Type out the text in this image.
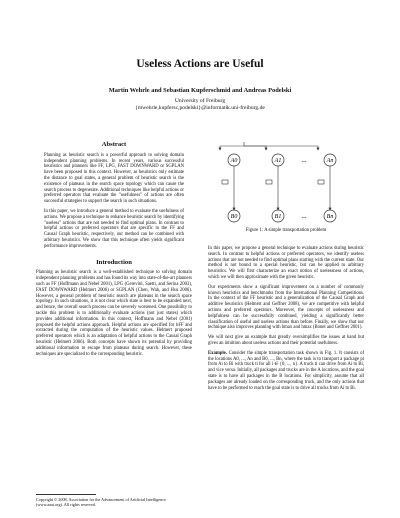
Useless Actions are Useful
Martin Wehrle and Sebastian Kupferschmid and Andreas Podelski
University of Freiburg
{mwehrle,kupfersc,podelski}@informatik.uni-freiburg.de
Abstract

Planning as heuristic search is a powerful approach to solving domain independent planning problems. In recent years, various successful heuristics and planners like FF, LPG, FAST DOWNWARD or SGPLAN have been proposed in this context. However, as heuristics only estimate the distance to goal states, a general problem of heuristic search is the existence of plateaus in the search space topology which can cause the search process to degenerate. Additional techniques like helpful actions or preferred operators that evaluate the "usefulness" of actions are often successful strategies to support the search in such situations.

In this paper, we introduce a general method to evaluate the usefulness of actions. We propose a technique to enhance heuristic search by identifying "useless" actions that are not needed to find optimal plans. In contrast to helpful actions or preferred operators that are specific to the FF and Causal Graph heuristic, respectively, our method can be combined with arbitrary heuristics. We show that this technique often yields significant performance improvements.

Introduction

Planning as heuristic search is a well-established technique to solving domain independent planning problems and has found its way into state-of-the-art planners such as FF (Hoffmann and Nebel 2001), LPG (Gerevini, Saetti, and Serina 2003), FAST DOWNWARD (Helmert 2006) or SGPLAN (Chen, Wah, and Hsu 2006). However, a general problem of heuristic search are plateaus in the search space topology. In such situations, it is not clear which state is best to be expanded next, and hence, the overall search process can be severely worsened. One possibility to tackle this problem is to additionally evaluate actions (not just states) which provides additional information. In this context, Hoffmann and Nebel (2001) proposed the helpful actions approach. Helpful actions are specified for hFF and extracted during the computation of the heuristic values. Helmert proposed preferred operators which is an adaptation of helpful actions to the Causal Graph heuristic (Helmert 2006). Both concepts have shown its potential by providing additional information to escape from plateaus during search. However, these techniques are specialized to the corresponding heuristic.

Copyright © 2008, Association for the Advancement of Artificial Intelligence (www.aaai.org). All rights reserved.
A0	A1	An
B0	B1	Bn
...
...
Figure 1: A simple transportation problem

In this paper, we propose a general technique to evaluate actions during heuristic search. In contrast to helpful actions or preferred operators, we identify useless actions that are not needed to find optimal plans starting with the current state. Our method is not bound to a special heuristic, but can be applied to arbitrary heuristics. We will first characterize an exact notion of uselessness of actions, which we will then approximate with the given heuristic.

Our experiments show a significant improvement on a number of commonly known heuristics and benchmarks from the International Planning Competitions. In the context of the FF heuristic and a generalization of the Causal Graph and additive heuristics (Helmert and Geffner 2008), we are competitive with helpful actions and preferred operators. Moreover, the concepts of uselessness and helpfulness can be successfully combined, yielding a significantly better classification of useful and useless actions than before. Finally, we show that our technique also improves planning with hmax and hmax (Bonet and Geffner 2001).

We will next give an example that greatly oversimplifies the issues at hand but gives an intuition about useless actions and their potential usefulness.

Example. Consider the simple transportation task shown in Fig. 1. It consists of the locations A0, ..., An and B0, ..., Bn, where the task is to transport a package pi from Ai to Bi with truck ti for all i ∈ {0, ..., n}. A truck ti can drive from Ai to Bi, and vice versa. Initially, all packages and trucks are in the A locations, and the goal state is to have all packages in the B locations. For simplicity, assume that all packages are already loaded on the corresponding truck, and the only actions that have to be performed to reach the goal state is to drive all trucks from Ai to Bi.
